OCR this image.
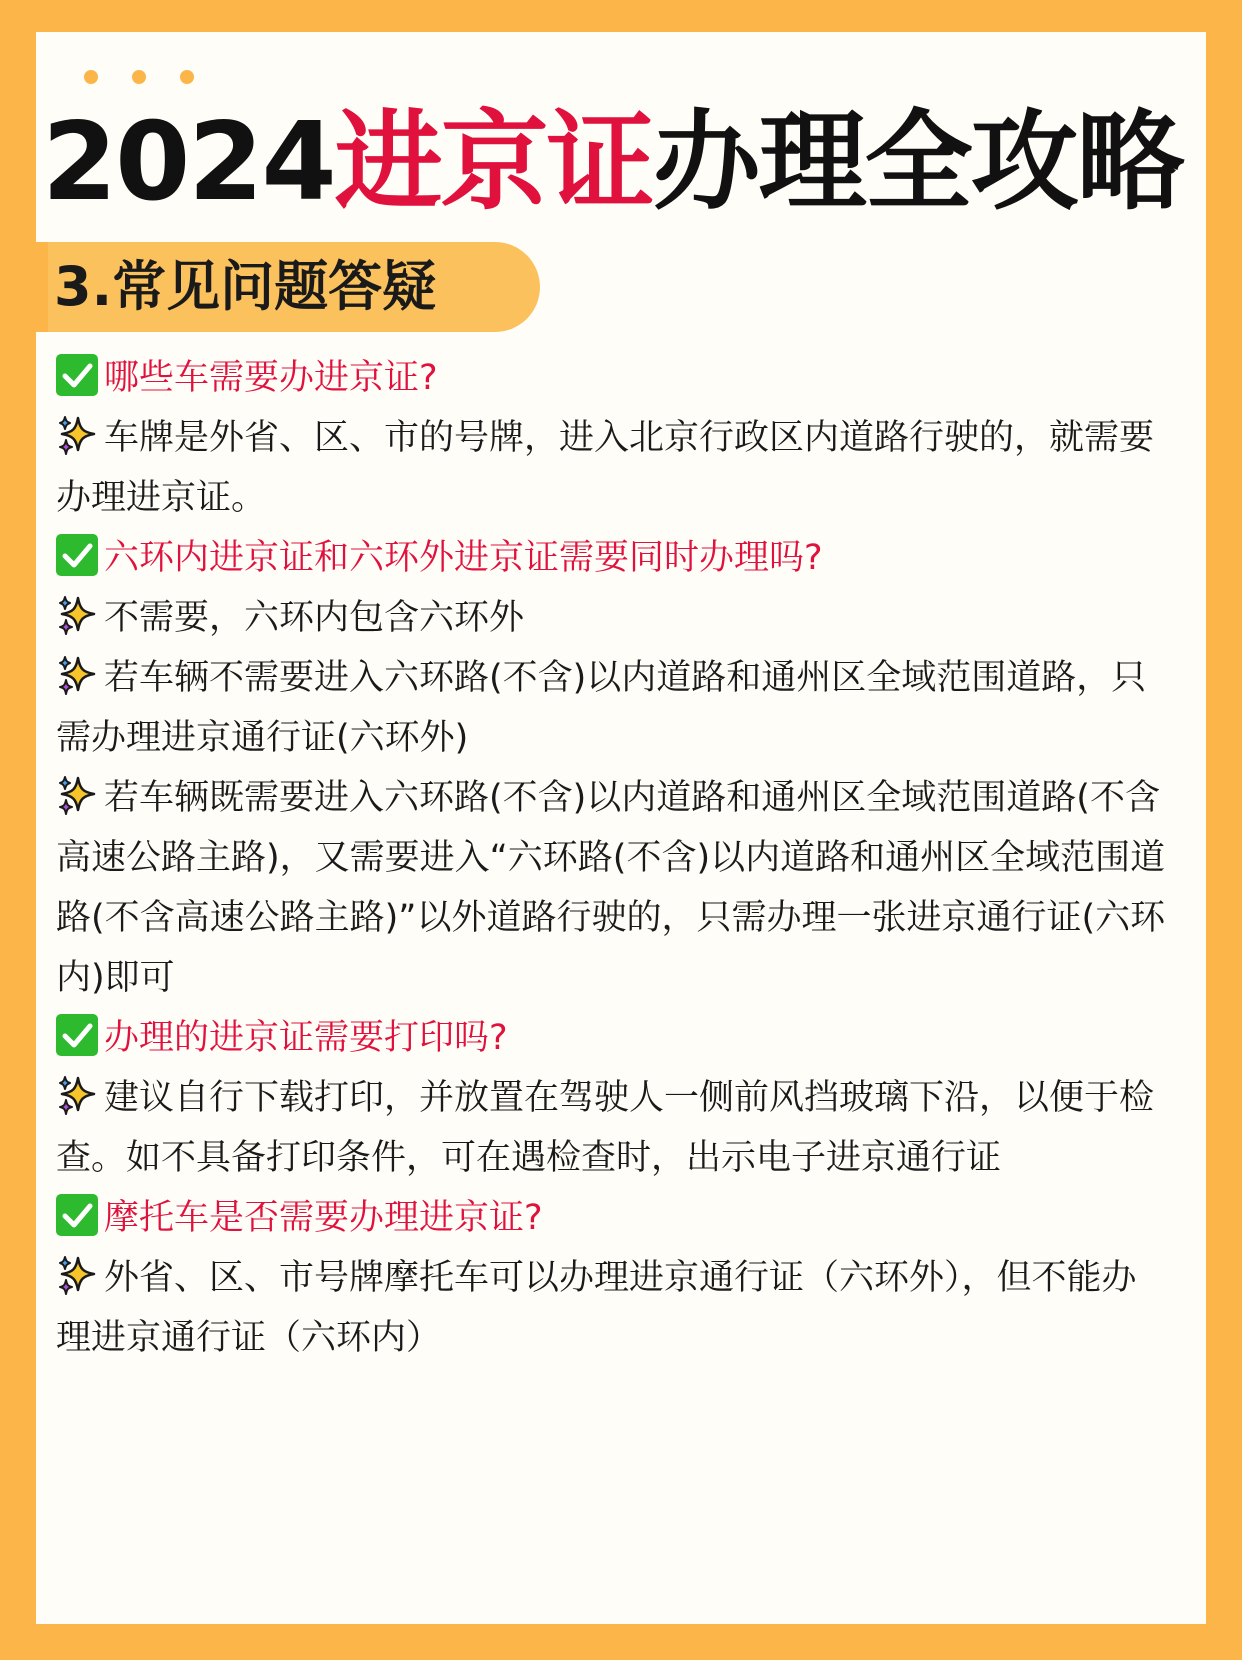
2024进京证办理全攻略
3.常见问题答疑

哪些车需要办进京证?

车牌是外省、区、市的号牌，进入北京行政区内道路行驶的，就需要办理进京证。

六环内进京证和六环外进京证需要同时办理吗?

不需要，六环内包含六环外

若车辆不需要进入六环路(不含)以内道路和通州区全域范围道路，只需办理进京通行证(六环外)

若车辆既需要进入六环路(不含)以内道路和通州区全域范围道路(不含高速公路主路)，又需要进入“六环路(不含)以内道路和通州区全域范围道路(不含高速公路主路)”以外道路行驶的，只需办理一张进京通行证(六环内)即可

办理的进京证需要打印吗?

建议自行下载打印，并放置在驾驶人一侧前风挡玻璃下沿，以便于检查。如不具备打印条件，可在遇检查时，出示电子进京通行证

摩托车是否需要办理进京证?

外省、区、市号牌摩托车可以办理进京通行证（六环外），但不能办理进京通行证（六环内）
